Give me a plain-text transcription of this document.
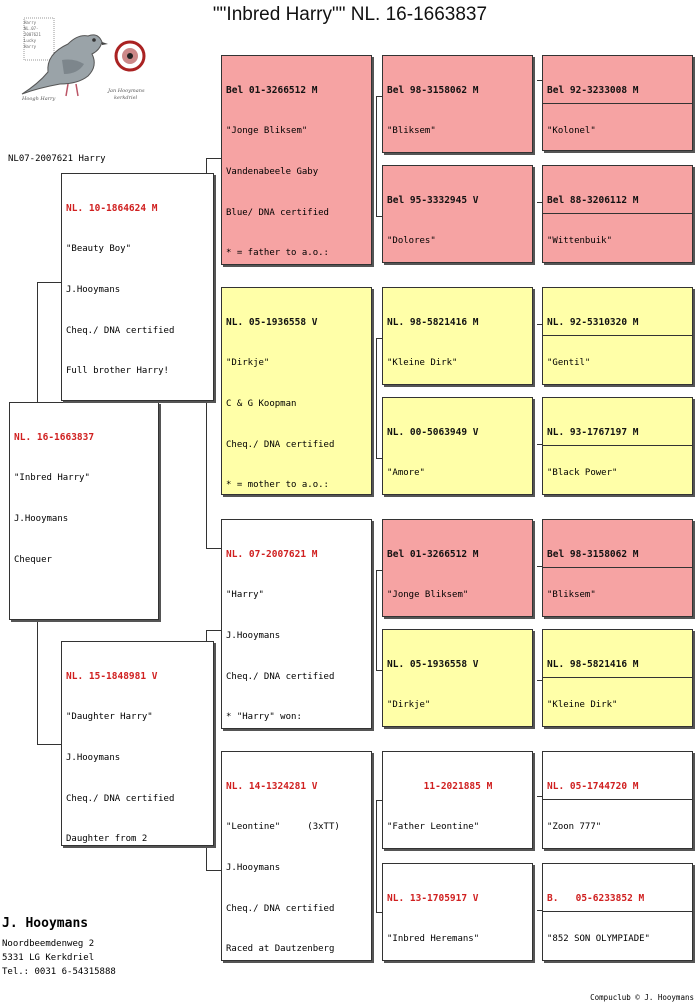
""Inbred Harry"" NL. 16-1663837
Harry
NL.07-2007621
Lucky
Harry
Hoogh Harry
Jan Hooymans
kerkdriel
NL07-2007621 Harry

NL. 16-1663837

"Inbred Harry"

J.Hooymans

Chequer

NL. 10-1864624 M

"Beauty Boy"

J.Hooymans

Cheq./ DNA certified

Full brother Harry!

NL. 15-1848981 V

"Daughter Harry"

J.Hooymans

Cheq./ DNA certified

Daughter from 2

Bel 01-3266512 M

"Jonge Bliksem"

Vandenabeele Gaby

Blue/ DNA certified

* = father to a.o.:

NL. 05-1936558 V

"Dirkje"

C & G Koopman

Cheq./ DNA certified

* = mother to a.o.:

NL. 07-2007621 M

"Harry"

J.Hooymans

Cheq./ DNA certified

* "Harry" won:

NL. 14-1324281 V

"Leontine"     (3xTT)

J.Hooymans

Cheq./ DNA certified

Raced at Dautzenberg

Bel 98-3158062 M

"Bliksem"

Bel 95-3332945 V

"Dolores"

NL. 98-5821416 M

"Kleine Dirk"

NL. 00-5063949 V

"Amore"

Bel 01-3266512 M

"Jonge Bliksem"

NL. 05-1936558 V

"Dirkje"

11-2021885 M

"Father Leontine"

NL. 13-1705917 V

"Inbred Heremans"

Bel 92-3233008 M

"Kolonel"

Bel 88-3206112 M

"Wittenbuik"

NL. 92-5310320 M

"Gentil"

NL. 93-1767197 M

"Black Power"

Bel 98-3158062 M

"Bliksem"

NL. 98-5821416 M

"Kleine Dirk"

NL. 05-1744720 M

"Zoon 777"

B.   05-6233852 M

"852 SON OLYMPIADE"

J. Hooymans
Noordbeemdenweg 2
5331 LG Kerkdriel
Tel.: 0031 6-54315888
Compuclub © J. Hooymans
